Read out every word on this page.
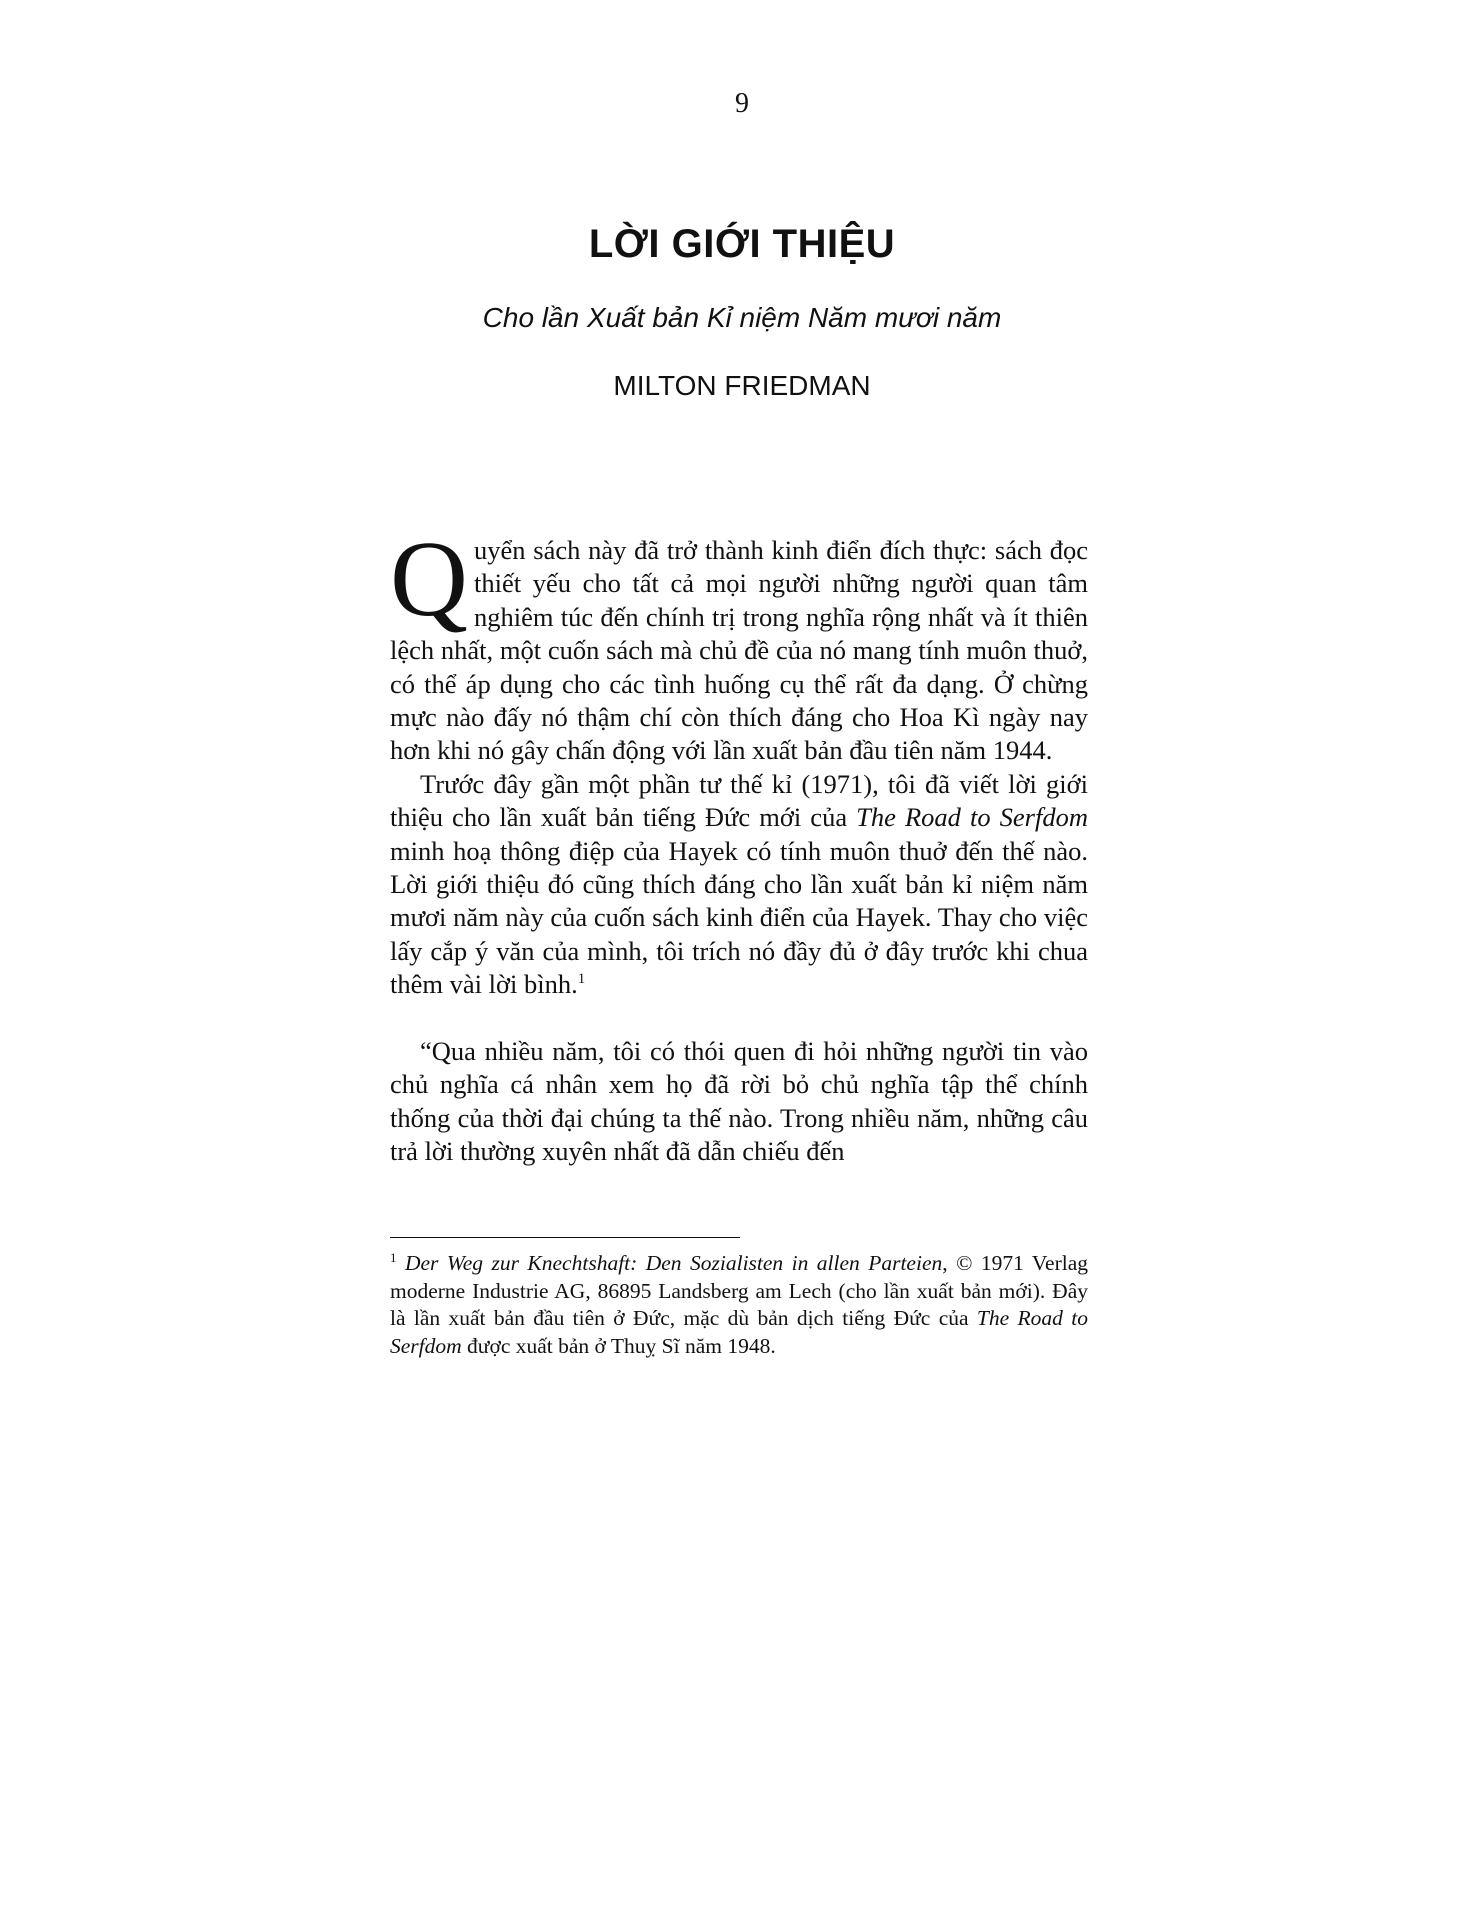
9
LỜI GIỚI THIỆU
Cho lần Xuất bản Kỉ niệm Năm mươi năm
MILTON FRIEDMAN

Quyển sách này đã trở thành kinh điển đích thực: sách đọc thiết yếu cho tất cả mọi người những người quan tâm nghiêm túc đến chính trị trong nghĩa rộng nhất và ít thiên lệch nhất, một cuốn sách mà chủ đề của nó mang tính muôn thuở, có thể áp dụng cho các tình huống cụ thể rất đa dạng. Ở chừng mực nào đấy nó thậm chí còn thích đáng cho Hoa Kì ngày nay hơn khi nó gây chấn động với lần xuất bản đầu tiên năm 1944.

Trước đây gần một phần tư thế kỉ (1971), tôi đã viết lời giới thiệu cho lần xuất bản tiếng Đức mới của The Road to Serfdom minh hoạ thông điệp của Hayek có tính muôn thuở đến thế nào. Lời giới thiệu đó cũng thích đáng cho lần xuất bản kỉ niệm năm mươi năm này của cuốn sách kinh điển của Hayek. Thay cho việc lấy cắp ý văn của mình, tôi trích nó đầy đủ ở đây trước khi chua thêm vài lời bình.$^1$

“Qua nhiều năm, tôi có thói quen đi hỏi những người tin vào chủ nghĩa cá nhân xem họ đã rời bỏ chủ nghĩa tập thể chính thống của thời đại chúng ta thế nào. Trong nhiều năm, những câu trả lời thường xuyên nhất đã dẫn chiếu đến

$^1$ Der Weg zur Knechtshaft: Den Sozialisten in allen Parteien, © 1971 Verlag moderne Industrie AG, 86895 Landsberg am Lech (cho lần xuất bản mới). Đây là lần xuất bản đầu tiên ở Đức, mặc dù bản dịch tiếng Đức của The Road to Serfdom được xuất bản ở Thuỵ Sĩ năm 1948.
